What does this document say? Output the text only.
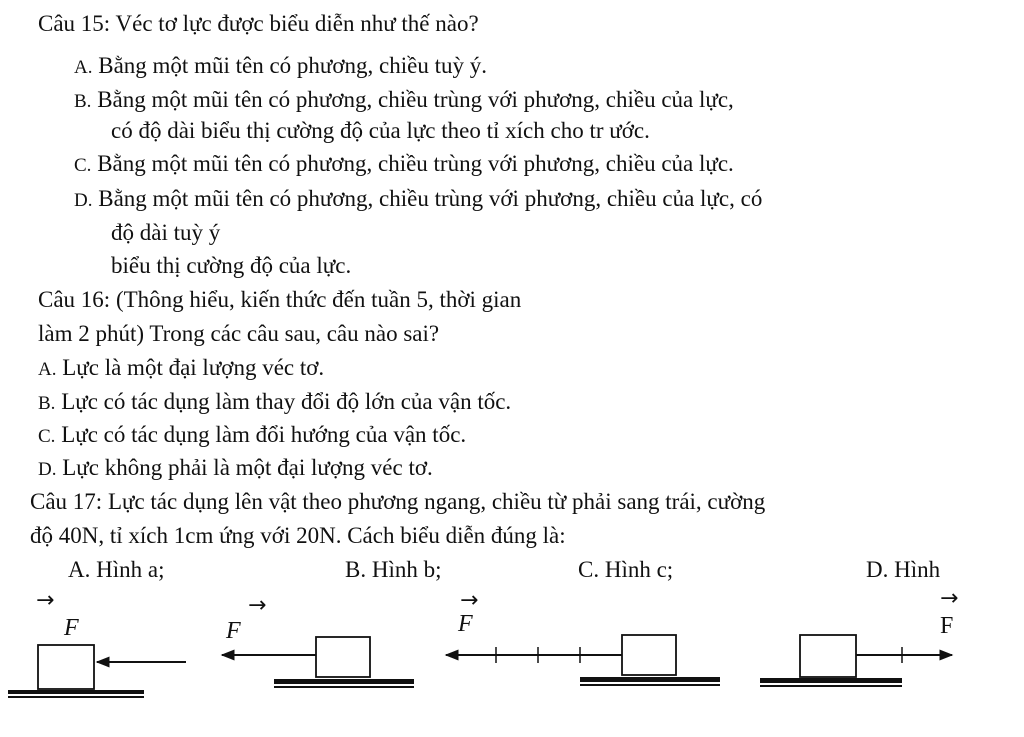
Câu 15: Véc tơ lực được biểu diễn như thế nào?
A. Bằng một mũi tên có phương, chiều tuỳ ý.
B. Bằng một mũi tên có phương, chiều trùng với phương, chiều của lực,
có độ dài biểu thị cường độ của lực theo tỉ xích cho tr ước.
C. Bằng một mũi tên có phương, chiều trùng với phương, chiều của lực.
D. Bằng một mũi tên có phương, chiều trùng với phương, chiều của lực, có
độ dài tuỳ ý
biểu thị cường độ của lực.
Câu 16: (Thông hiểu, kiến thức đến tuần 5, thời gian
làm 2 phút) Trong các câu sau, câu nào sai?
A. Lực là một đại lượng véc tơ.
B. Lực có tác dụng làm thay đổi độ lớn của vận tốc.
C. Lực có tác dụng làm đổi hướng của vận tốc.
D. Lực không phải là một đại lượng véc tơ.
Câu 17: Lực tác dụng lên vật theo phương ngang, chiều từ phải sang trái, cường
độ 40N, tỉ xích 1cm ứng với 20N. Cách biểu diễn đúng là:
A. Hình a;	B. Hình b;	C. Hình c;	D. Hình
→
F
→
F
→
F
→
F
